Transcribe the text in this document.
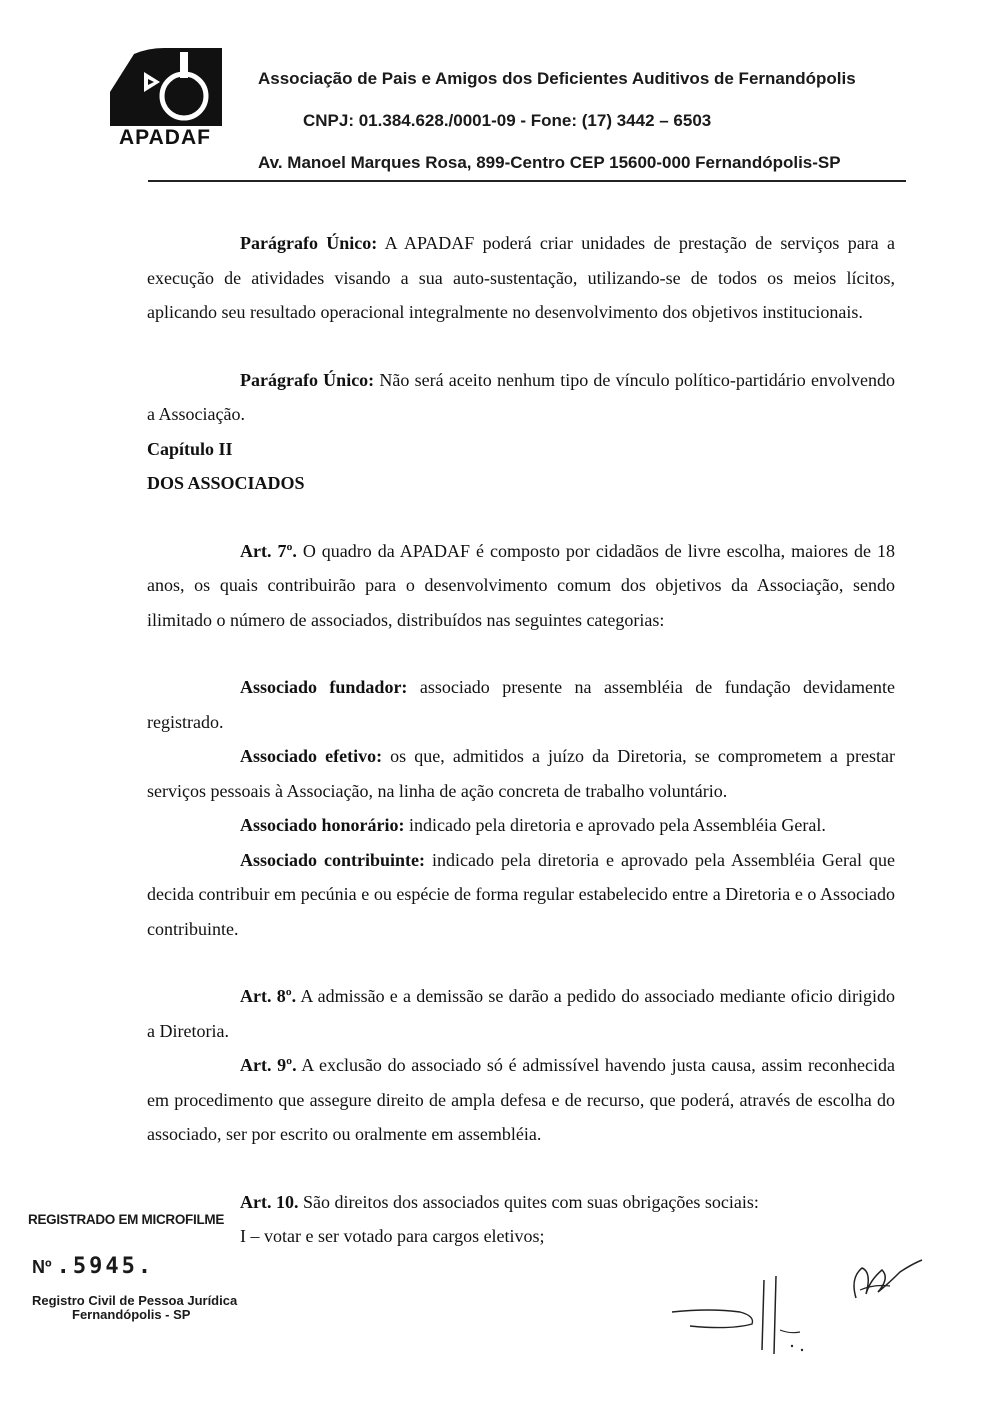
APADAF
Associação de Pais e Amigos dos Deficientes Auditivos de Fernandópolis
CNPJ: 01.384.628./0001-09 - Fone: (17) 3442 – 6503
Av. Manoel Marques Rosa, 899-Centro CEP 15600-000 Fernandópolis-SP

Parágrafo Único: A APADAF poderá criar unidades de prestação de serviços para a execução de atividades visando a sua auto-sustentação, utilizando-se de todos os meios lícitos, aplicando seu resultado operacional integralmente no desenvolvimento dos objetivos institucionais.

Parágrafo Único: Não será aceito nenhum tipo de vínculo político-partidário envolvendo a Associação.

Capítulo II

DOS ASSOCIADOS

Art. 7º. O quadro da APADAF é composto por cidadãos de livre escolha, maiores de 18 anos, os quais contribuirão para o desenvolvimento comum dos objetivos da Associação, sendo ilimitado o número de associados, distribuídos nas seguintes categorias:

Associado fundador: associado presente na assembléia de fundação devidamente registrado.

Associado efetivo: os que, admitidos a juízo da Diretoria, se comprometem a prestar serviços pessoais à Associação, na linha de ação concreta de trabalho voluntário.

Associado honorário: indicado pela diretoria e aprovado pela Assembléia Geral.

Associado contribuinte: indicado pela diretoria e aprovado pela Assembléia Geral que decida contribuir em pecúnia e ou espécie de forma regular estabelecido entre a Diretoria e o Associado contribuinte.

Art. 8º. A admissão e a demissão se darão a pedido do associado mediante oficio dirigido a Diretoria.

Art. 9º. A exclusão do associado só é admissível havendo justa causa, assim reconhecida em procedimento que assegure direito de ampla defesa e de recurso, que poderá, através de escolha do associado, ser por escrito ou oralmente em assembléia.

Art. 10. São direitos dos associados quites com suas obrigações sociais:

I – votar e ser votado para cargos eletivos;

REGISTRADO EM MICROFILME
Nº .5945.
Registro Civil de Pessoa Jurídica
Fernandópolis - SP
